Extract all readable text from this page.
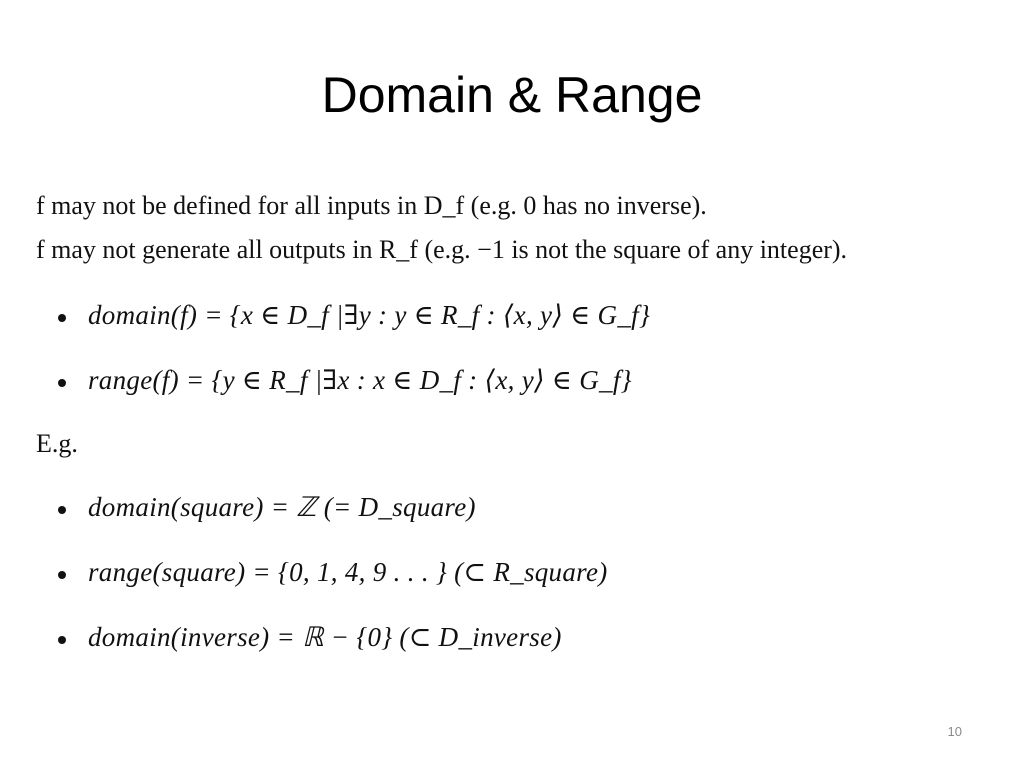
Domain & Range
f may not be defined for all inputs in D_f (e.g. 0 has no inverse).
f may not generate all outputs in R_f (e.g. −1 is not the square of any integer).
domain(f) = {x ∈ D_f |∃y : y ∈ R_f : ⟨x, y⟩ ∈ G_f}
range(f) = {y ∈ R_f |∃x : x ∈ D_f : ⟨x, y⟩ ∈ G_f}
E.g.
domain(square) = ℤ (= D_square)
range(square) = {0, 1, 4, 9 . . . } (⊂ R_square)
domain(inverse) = ℝ − {0} (⊂ D_inverse)
10
